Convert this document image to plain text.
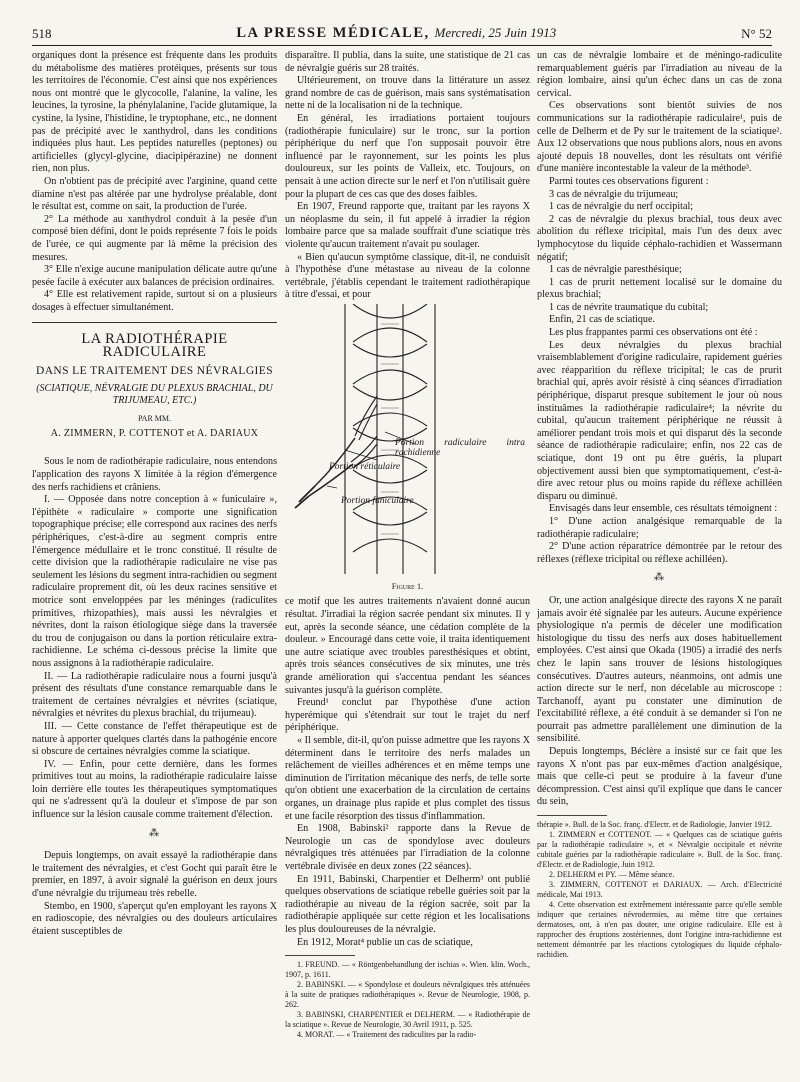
518	LA PRESSE MÉDICALE, Mercredi, 25 Juin 1913	N° 52

organiques dont la présence est fréquente dans les produits du métabolisme des matières protéiques, présents sur tous les territoires de l'économie. C'est ainsi que nos expériences nous ont montré que le glycocolle, l'alanine, la valine, les leucines, la tyrosine, la phénylalanine, l'acide glutamique, la cystine, la lysine, l'histidine, le tryptophane, etc., ne donnent pas de précipité avec le xanthydrol, dans les conditions indiquées plus haut. Les peptides naturelles (peptones) ou artificielles (glycyl-glycine, diacipipérazine) ne donnent rien, non plus.

On n'obtient pas de précipité avec l'arginine, quand cette diamine n'est pas altérée par une hydrolyse préalable, dont le résultat est, comme on sait, la production de l'urée.

2° La méthode au xanthydrol conduit à la pesée d'un composé bien défini, dont le poids représente 7 fois le poids de l'urée, ce qui augmente par là même la précision des mesures.

3° Elle n'exige aucune manipulation délicate autre qu'une pesée facile à exécuter aux balances de précision ordinaires.

4° Elle est relativement rapide, surtout si on a plusieurs dosages à effectuer simultanément.

LA RADIOTHÉRAPIE RADICULAIRE
DANS LE TRAITEMENT DES NÉVRALGIES
(SCIATIQUE, NÉVRALGIE DU PLEXUS BRACHIAL, DU TRIJUMEAU, ETC.)
PAR MM.
A. ZIMMERN, P. COTTENOT et A. DARIAUX

Sous le nom de radiothérapie radiculaire, nous entendons l'application des rayons X limitée à la région d'émergence des nerfs rachidiens et crâniens.

I. — Opposée dans notre conception à « funiculaire », l'épithète « radiculaire » comporte une signification topographique précise; elle correspond aux racines des nerfs périphériques, c'est-à-dire au segment compris entre l'émergence médullaire et le tronc constitué. Il résulte de cette division que la radiothérapie radiculaire ne vise pas seulement les lésions du segment intra-rachidien ou segment radiculaire proprement dit, où les deux racines sensitive et motrice sont enveloppées par les méninges (radiculites primitives, rhizopathies), mais aussi les névralgies et névrites, dont la raison étiologique siège dans la traversée du trou de conjugaison ou dans la portion réticulaire extra-rachidienne. Le schéma ci-dessous précise la limite que nous assignons à la radiothérapie radiculaire.

II. — La radiothérapie radiculaire nous a fourni jusqu'à présent des résultats d'une constance remarquable dans le traitement de certaines névralgies et névrites (sciatique, névralgies et névrites du plexus brachial, du trijumeau).

III. — Cette constance de l'effet thérapeutique est de nature à apporter quelques clartés dans la pathogénie encore si obscure de certaines névralgies comme la sciatique.

IV. — Enfin, pour cette dernière, dans les formes primitives tout au moins, la radiothérapie radiculaire laisse loin derrière elle toutes les thérapeutiques symptomatiques qui ne s'adressent qu'à la douleur et s'impose de par son influence sur la lésion causale comme traitement d'élection.

⁂

Depuis longtemps, on avait essayé la radiothérapie dans le traitement des névralgies, et c'est Gocht qui paraît être le premier, en 1897, à avoir signalé la guérison en deux jours d'une névralgie du trijumeau très rebelle.

Stembo, en 1900, s'aperçut qu'en employant les rayons X en radioscopie, des névralgies ou des douleurs articulaires étaient susceptibles de

disparaître. Il publia, dans la suite, une statistique de 21 cas de névralgie guéris sur 28 traités.

Ultérieurement, on trouve dans la littérature un assez grand nombre de cas de guérison, mais sans systématisation nette ni de la localisation ni de la technique.

En général, les irradiations portaient toujours (radiothérapie funiculaire) sur le tronc, sur la portion périphérique du nerf que l'on supposait pouvoir être influencé par le rayonnement, sur les points les plus douloureux, sur les points de Valleix, etc. Toujours, on pensait à une action directe sur le nerf et l'on n'utilisait guère pour la plupart de ces cas que des doses faibles.

En 1907, Freund rapporte que, traitant par les rayons X un néoplasme du sein, il fut appelé à irradier la région lombaire parce que sa malade souffrait d'une sciatique très violente qu'aucun traitement n'avait pu soulager.

« Bien qu'aucun symptôme classique, dit-il, ne conduisît à l'hypothèse d'une métastase au niveau de la colonne vertébrale, j'établis cependant le traitement radiothérapique à titre d'essai, et pour

Portion radiculaire intra rachidienne
Portion réticulaire
Portion funiculaire
Figure 1.

ce motif que les autres traitements n'avaient donné aucun résultat. J'irradiai la région sacrée pendant six minutes. Il y eut, après la seconde séance, une cédation complète de la douleur. » Encouragé dans cette voie, il traita identiquement une autre sciatique avec troubles paresthésiques et obtint, après trois séances consécutives de six minutes, une très grande amélioration qui s'accentua pendant les séances suivantes jusqu'à la guérison complète.

Freund¹ conclut par l'hypothèse d'une action hyperémique qui s'étendrait sur tout le trajet du nerf périphérique.

« Il semble, dit-il, qu'on puisse admettre que les rayons X déterminent dans le territoire des nerfs malades un relâchement de vieilles adhérences et en même temps une diminution de l'irritation mécanique des nerfs, de telle sorte qu'on obtient une exacerbation de la circulation de certains organes, un drainage plus rapide et plus complet des tissus et une facile résorption des tissus d'inflammation.

En 1908, Babinski² rapporte dans la Revue de Neurologie un cas de spondylose avec douleurs névralgiques très atténuées par l'irradiation de la colonne vertébrale divisée en deux zones (22 séances).

En 1911, Babinski, Charpentier et Delherm³ ont publié quelques observations de sciatique rebelle guéries soit par la radiothérapie au niveau de la région sacrée, soit par la radiothérapie appliquée sur cette région et les localisations les plus douloureuses de la névralgie.

En 1912, Morat⁴ publie un cas de sciatique,

1. FREUND. — « Röntgenbehandlung der ischias ». Wien. klin. Woch., 1907, p. 1611.

2. BABINSKI. — « Spondylose et douleurs névralgiques très atténuées à la suite de pratiques radiothérapiques ». Revue de Neurologie, 1908, p. 262.

3. BABINSKI, CHARPENTIER et DELHERM. — « Radiothérapie de la sciatique ». Revue de Neurologie, 30 Avril 1911, p. 525.

4. MORAT. — « Traitement des radiculites par la radio-

un cas de névralgie lombaire et de méningo-radiculite remarquablement guéris par l'irradiation au niveau de la région lombaire, ainsi qu'un échec dans un cas de zona cervical.

Ces observations sont bientôt suivies de nos communications sur la radiothérapie radiculaire¹, puis de celle de Delherm et de Py sur le traitement de la sciatique². Aux 12 observations que nous publions alors, nous en avons ajouté depuis 18 nouvelles, dont les résultats ont vérifié d'une manière incontestable la valeur de la méthode³.

Parmi toutes ces observations figurent :

3 cas de névralgie du trijumeau;

1 cas de névralgie du nerf occipital;

2 cas de névralgie du plexus brachial, tous deux avec abolition du réflexe tricipital, mais l'un des deux avec lymphocytose du liquide céphalo-rachidien et Wassermann négatif;

1 cas de névralgie paresthésique;

1 cas de prurit nettement localisé sur le domaine du plexus brachial;

1 cas de névrite traumatique du cubital;

Enfin, 21 cas de sciatique.

Les plus frappantes parmi ces observations ont été :

Les deux névralgies du plexus brachial vraisemblablement d'origine radiculaire, rapidement guéries avec réapparition du réflexe tricipital; le cas de prurit brachial qui, après avoir résisté à cinq séances d'irradiation périphérique, disparut presque subitement le jour où nous instituâmes la radiothérapie radiculaire⁴; la névrite du cubital, qu'aucun traitement périphérique ne réussit à améliorer pendant trois mois et qui disparut dès la seconde séance de radiothérapie radiculaire; enfin, nos 22 cas de sciatique, dont 19 ont pu être guéris, la plupart objectivement aussi bien que symptomatiquement, c'est-à-dire avec retour plus ou moins rapide du réflexe achilléen disparu ou diminué.

Envisagés dans leur ensemble, ces résultats témoignent :

1° D'une action analgésique remarquable de la radiothérapie radiculaire;

2° D'une action réparatrice démontrée par le retour des réflexes (réflexe tricipital ou réflexe achilléen).

⁂

Or, une action analgésique directe des rayons X ne paraît jamais avoir été signalée par les auteurs. Aucune expérience physiologique n'a permis de déceler une modification histologique du tissu des nerfs aux doses habituellement employées. C'est ainsi que Okada (1905) a irradié des nerfs chez le lapin sans trouver de lésions histologiques consécutives. D'autres auteurs, néanmoins, ont admis une action directe sur le nerf, non décelable au microscope : Tarchanoff, ayant pu constater une diminution de l'excitabilité réflexe, a été conduit à se demander si l'on ne pourrait pas admettre parallèlement une diminution de la sensibilité.

Depuis longtemps, Béclère a insisté sur ce fait que les rayons X n'ont pas par eux-mêmes d'action analgésique, mais que celle-ci peut se produire à la faveur d'une décompression. C'est ainsi qu'il explique que dans le cancer du sein,

thérapie ». Bull. de la Soc. franç. d'Electr. et de Radiologie, Janvier 1912.

1. ZIMMERN et COTTENOT. — « Quelques cas de sciatique guéris par la radiothérapie radiculaire », et « Névralgie occipitale et névrite cubitale guéries par la radiothérapie radiculaire ». Bull. de la Soc. franç. d'Electr. et de Radiologie, Juin 1912.

2. DELHERM et PY. — Même séance.

3. ZIMMERN, COTTENOT et DARIAUX. — Arch. d'Electricité médicale, Mai 1913.

4. Cette observation est extrêmement intéressante parce qu'elle semble indiquer que certaines névrodermies, au même titre que certaines dermatoses, ont, à n'en pas douter, une origine radiculaire. Elle est à rapprocher des éruptions zostériennes, dont l'origine intra-rachidienne est nettement démontrée par les réactions cytologiques du liquide céphalo-rachidien.
